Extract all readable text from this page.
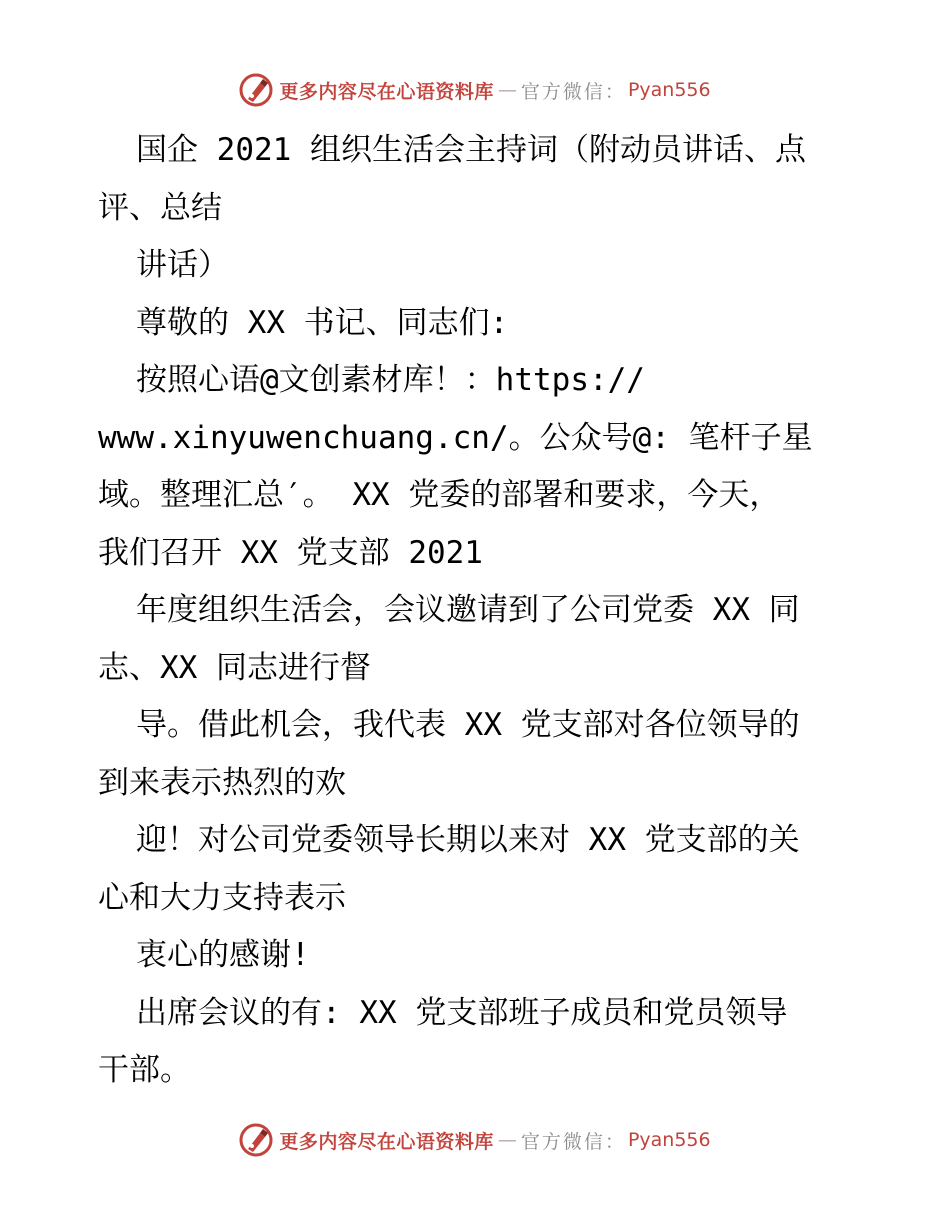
更多内容尽在心语资料库 — 官方微信： Pyan556
国企 2021 组织生活会主持词（附动员讲话、点
评、总结
讲话）
尊敬的 XX 书记、同志们:
按照心语@文创素材库！：https://
www.xinyuwenchuang.cn/。公众号@: 笔杆子星
域。整理汇总′。 XX 党委的部署和要求，今天，
我们召开 XX 党支部 2021
年度组织生活会，会议邀请到了公司党委 XX 同
志、XX 同志进行督
导。借此机会，我代表 XX 党支部对各位领导的
到来表示热烈的欢
迎！对公司党委领导长期以来对 XX 党支部的关
心和大力支持表示
衷心的感谢!
出席会议的有: XX 党支部班子成员和党员领导
干部。
更多内容尽在心语资料库 — 官方微信： Pyan556
